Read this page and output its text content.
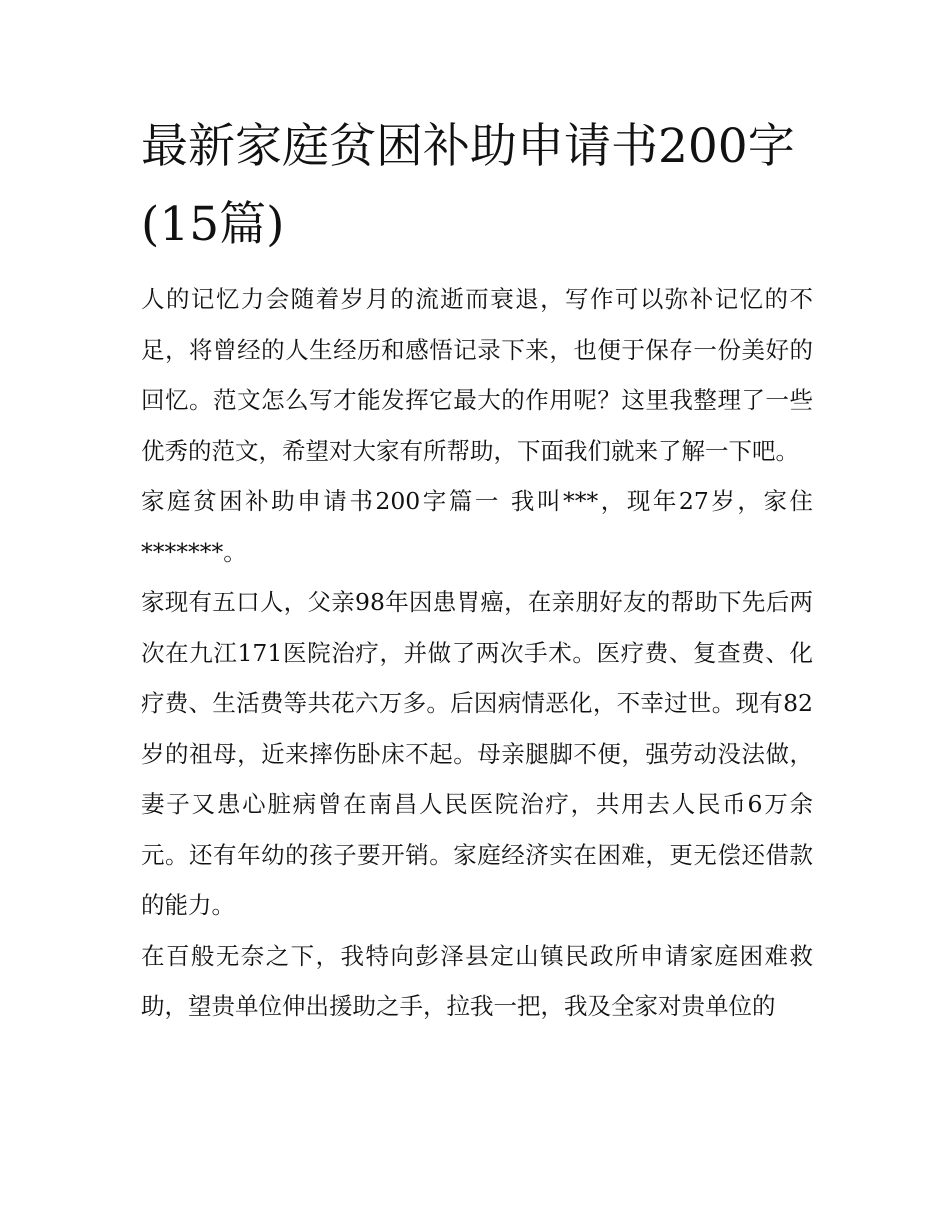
最新家庭贫困补助申请书200字(15篇)

人的记忆力会随着岁月的流逝而衰退，写作可以弥补记忆的不足，将曾经的人生经历和感悟记录下来，也便于保存一份美好的回忆。范文怎么写才能发挥它最大的作用呢？这里我整理了一些优秀的范文，希望对大家有所帮助，下面我们就来了解一下吧。

家庭贫困补助申请书200字篇一 我叫***，现年27岁，家住*******。

家现有五口人，父亲98年因患胃癌，在亲朋好友的帮助下先后两次在九江171医院治疗，并做了两次手术。医疗费、复查费、化疗费、生活费等共花六万多。后因病情恶化，不幸过世。现有82岁的祖母，近来摔伤卧床不起。母亲腿脚不便，强劳动没法做，妻子又患心脏病曾在南昌人民医院治疗，共用去人民币6万余元。还有年幼的孩子要开销。家庭经济实在困难，更无偿还借款的能力。

在百般无奈之下，我特向彭泽县定山镇民政所申请家庭困难救助，望贵单位伸出援助之手，拉我一把，我及全家对贵单位的
